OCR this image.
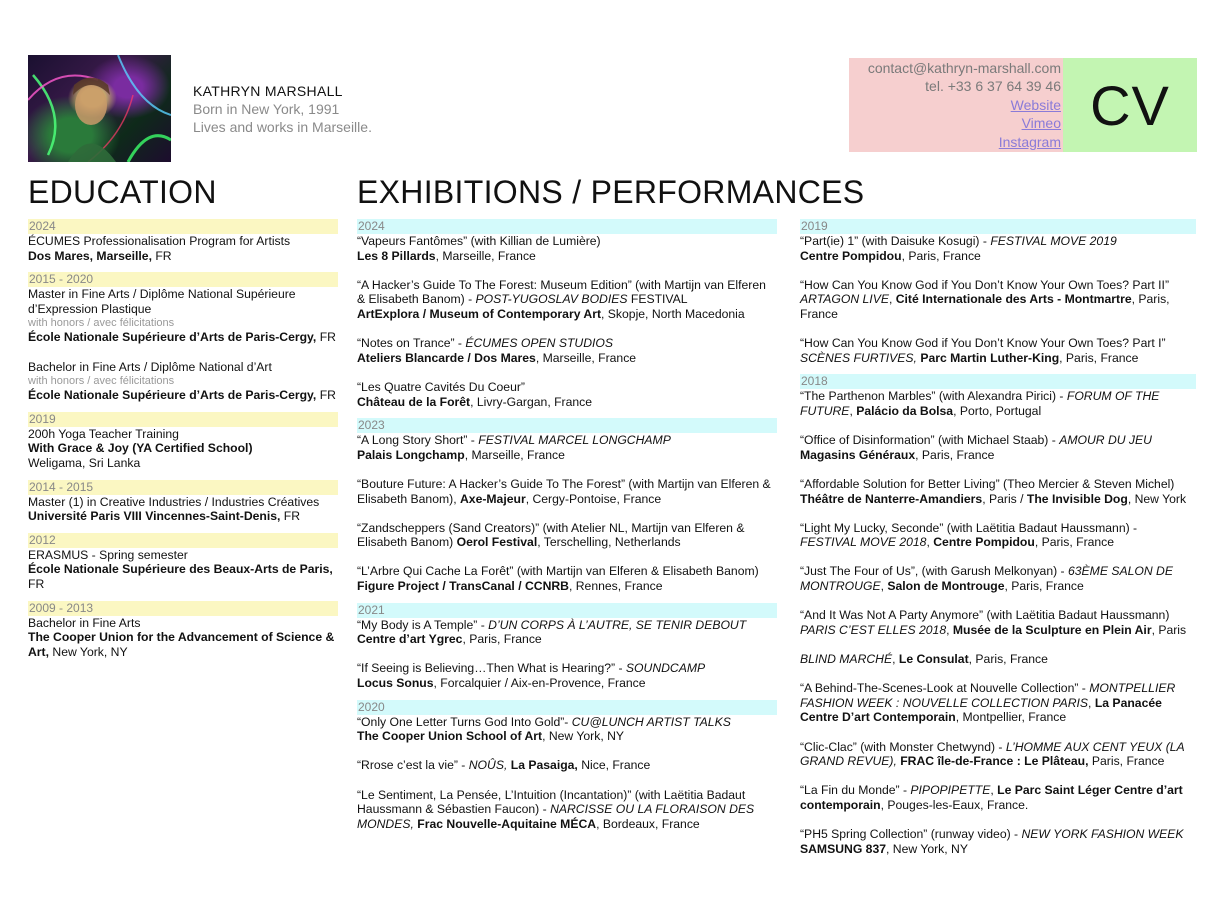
KATHRYN MARSHALL
Born in New York, 1991
Lives and works in Marseille.
contact@kathryn-marshall.com
tel. +33 6 37 64 39 46
Website
Vimeo
Instagram
CV
EDUCATION	EXHIBITIONS / PERFORMANCES
2024
ÉCUMES Professionalisation Program for Artists
Dos Mares, Marseille, FR
2015 - 2020
Master in Fine Arts / Diplôme National Supérieure d’Expression Plastique
with honors / avec félicitations
École Nationale Supérieure d’Arts de Paris-Cergy, FR
Bachelor in Fine Arts / Diplôme National d’Art
with honors / avec félicitations
École Nationale Supérieure d’Arts de Paris-Cergy, FR
2019
200h Yoga Teacher Training
With Grace & Joy (YA Certified School)
Weligama, Sri Lanka
2014 - 2015
Master (1) in Creative Industries / Industries Créatives
Université Paris VIII Vincennes-Saint-Denis, FR
2012
ERASMUS - Spring semester
École Nationale Supérieure des Beaux-Arts de Paris, FR
2009 - 2013
Bachelor in Fine Arts
The Cooper Union for the Advancement of Science & Art, New York, NY
2024
“Vapeurs Fantômes” (with Killian de Lumière)
Les 8 Pillards, Marseille, France
“A Hacker’s Guide To The Forest: Museum Edition” (with Martijn van Elferen & Elisabeth Banom) - POST-YUGOSLAV BODIES FESTIVAL
ArtExplora / Museum of Contemporary Art, Skopje, North Macedonia
“Notes on Trance” - ÉCUMES OPEN STUDIOS
Ateliers Blancarde / Dos Mares, Marseille, France
“Les Quatre Cavités Du Coeur”
Château de la Forêt, Livry-Gargan, France
2023
“A Long Story Short” - FESTIVAL MARCEL LONGCHAMP
Palais Longchamp, Marseille, France
“Bouture Future: A Hacker’s Guide To The Forest” (with Martijn van Elferen & Elisabeth Banom), Axe-Majeur, Cergy-Pontoise, France
“Zandscheppers (Sand Creators)” (with Atelier NL, Martijn van Elferen & Elisabeth Banom) Oerol Festival, Terschelling, Netherlands
“L’Arbre Qui Cache La Forêt” (with Martijn van Elferen & Elisabeth Banom)
Figure Project / TransCanal / CCNRB, Rennes, France
2021
“My Body is A Temple” - D’UN CORPS À L’AUTRE, SE TENIR DEBOUT
Centre d’art Ygrec, Paris, France
“If Seeing is Believing…Then What is Hearing?” - SOUNDCAMP
Locus Sonus, Forcalquier / Aix-en-Provence, France
2020
“Only One Letter Turns God Into Gold”- CU@LUNCH ARTIST TALKS
The Cooper Union School of Art, New York, NY
“Rrose c’est la vie” - NOÛS, La Pasaiga, Nice, France
“Le Sentiment, La Pensée, L’Intuition (Incantation)” (with Laëtitia Badaut Haussmann & Sébastien Faucon) - NARCISSE OU LA FLORAISON DES MONDES, Frac Nouvelle-Aquitaine MÉCA, Bordeaux, France
2019
“Part(ie) 1” (with Daisuke Kosugi) - FESTIVAL MOVE 2019
Centre Pompidou, Paris, France
“How Can You Know God if You Don’t Know Your Own Toes? Part II”
ARTAGON LIVE, Cité Internationale des Arts - Montmartre, Paris, France
“How Can You Know God if You Don’t Know Your Own Toes? Part I”
SCÈNES FURTIVES, Parc Martin Luther-King, Paris, France
2018
“The Parthenon Marbles” (with Alexandra Pirici) - FORUM OF THE FUTURE, Palácio da Bolsa, Porto, Portugal
“Office of Disinformation” (with Michael Staab) - AMOUR DU JEU
Magasins Généraux, Paris, France
“Affordable Solution for Better Living” (Theo Mercier & Steven Michel)
Théâtre de Nanterre-Amandiers, Paris / The Invisible Dog, New York
“Light My Lucky, Seconde” (with Laëtitia Badaut Haussmann) - FESTIVAL MOVE 2018, Centre Pompidou, Paris, France
“Just The Four of Us”, (with Garush Melkonyan) - 63ÈME SALON DE MONTROUGE, Salon de Montrouge, Paris, France
“And It Was Not A Party Anymore” (with Laëtitia Badaut Haussmann)
PARIS C’EST ELLES 2018, Musée de la Sculpture en Plein Air, Paris
BLIND MARCHÉ, Le Consulat, Paris, France
“A Behind-The-Scenes-Look at Nouvelle Collection” - MONTPELLIER FASHION WEEK : NOUVELLE COLLECTION PARIS, La Panacée Centre D’art Contemporain, Montpellier, France
“Clic-Clac” (with Monster Chetwynd) - L’HOMME AUX CENT YEUX (LA GRAND REVUE), FRAC île-de-France : Le Plâteau, Paris, France
“La Fin du Monde” - PIPOPIPETTE, Le Parc Saint Léger Centre d’art contemporain, Pouges-les-Eaux, France.
“PH5 Spring Collection” (runway video) - NEW YORK FASHION WEEK
SAMSUNG 837, New York, NY
